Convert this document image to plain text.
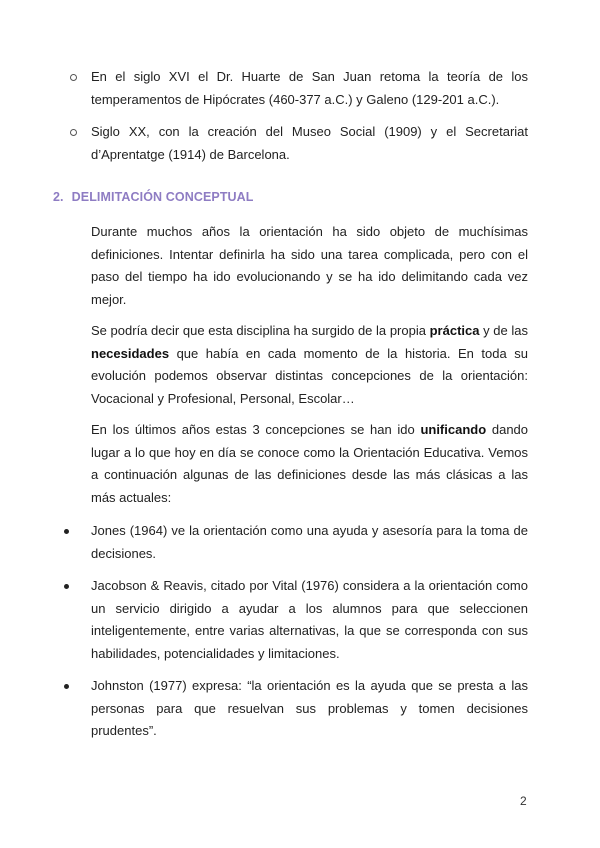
En el siglo XVI el Dr. Huarte de San Juan retoma la teoría de los temperamentos de Hipócrates (460-377 a.C.) y Galeno (129-201 a.C.).
Siglo XX, con la creación del Museo Social (1909) y el Secretariat d’Aprentatge (1914) de Barcelona.
2. DELIMITACIÓN CONCEPTUAL

Durante muchos años la orientación ha sido objeto de muchísimas definiciones. Intentar definirla ha sido una tarea complicada, pero con el paso del tiempo ha ido evolucionando y se ha ido delimitando cada vez mejor.

Se podría decir que esta disciplina ha surgido de la propia práctica y de las necesidades que había en cada momento de la historia. En toda su evolución podemos observar distintas concepciones de la orientación: Vocacional y Profesional, Personal, Escolar…

En los últimos años estas 3 concepciones se han ido unificando dando lugar a lo que hoy en día se conoce como la Orientación Educativa. Vemos a continuación algunas de las definiciones desde las más clásicas a las más actuales:

Jones (1964) ve la orientación como una ayuda y asesoría para la toma de decisiones.
Jacobson & Reavis, citado por Vital (1976) considera a la orientación como un servicio dirigido a ayudar a los alumnos para que seleccionen inteligentemente, entre varias alternativas, la que se corresponda con sus habilidades, potencialidades y limitaciones.
Johnston (1977) expresa: “la orientación es la ayuda que se presta a las personas para que resuelvan sus problemas y tomen decisiones prudentes”.
2
